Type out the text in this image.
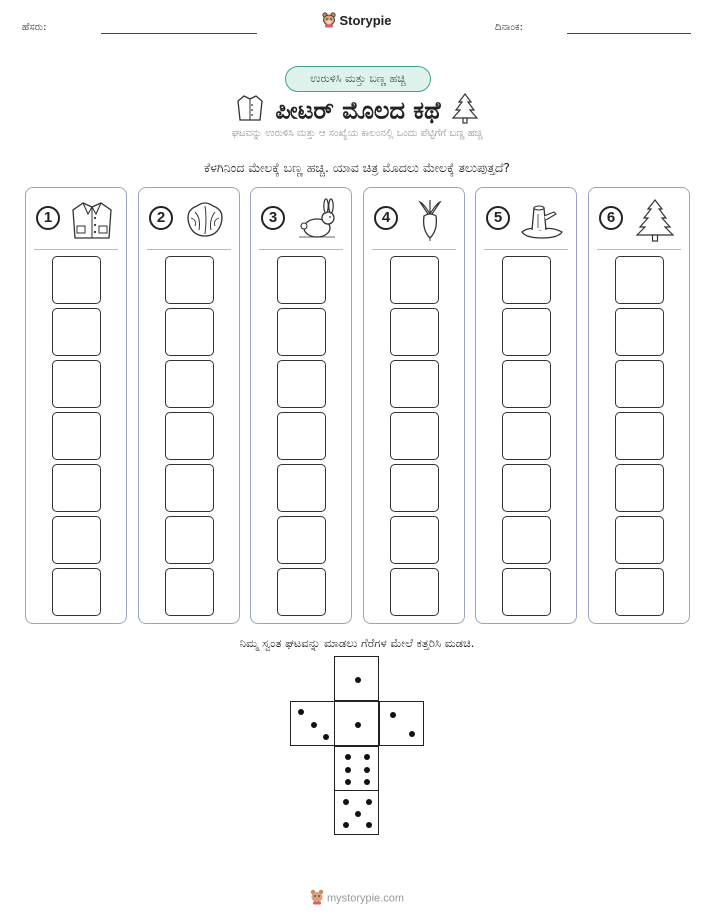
ಹೆಸರು:	Storypie	ದಿನಾಂಕ:
ಉರುಳಿಸಿ ಮತ್ತು ಬಣ್ಣ ಹಚ್ಚಿ
ಪೀಟರ್ ಮೊಲದ ಕಥೆ
ಘಟವನ್ನು ಉರುಳಿಸಿ ಮತ್ತು ಆ ಸಂಖ್ಯೆಯ ಕಾಲಂನಲ್ಲಿ ಒಂದು ಪೆಟ್ಟಿಗೆಗೆ ಬಣ್ಣ ಹಚ್ಚಿ
ಕೆಳಗಿನಿಂದ ಮೇಲಕ್ಕೆ ಬಣ್ಣ ಹಚ್ಚಿ. ಯಾವ ಚಿತ್ರ ಮೊದಲು ಮೇಲಕ್ಕೆ ತಲುಪುತ್ತದೆ?
1	2	3	4	5	6
ನಿಮ್ಮ ಸ್ವಂತ ಘಟವನ್ನು ಮಾಡಲು ಗೆರೆಗಳ ಮೇಲೆ ಕತ್ತರಿಸಿ ಮಡಚಿ.
mystorypie.com
